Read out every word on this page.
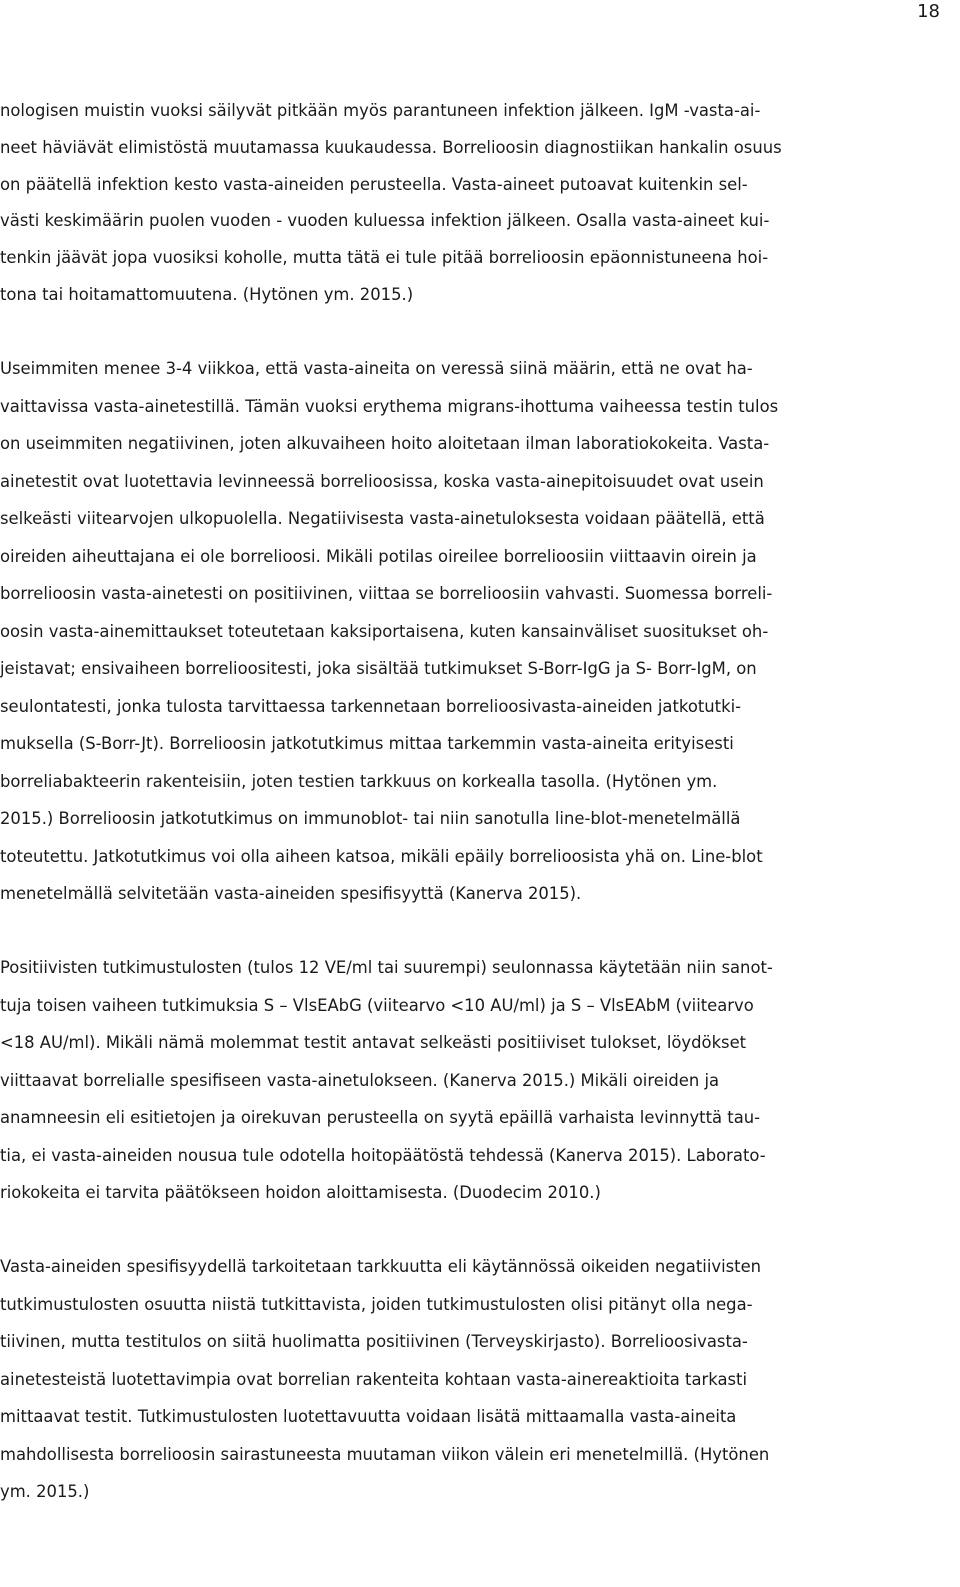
18

nologisen muistin vuoksi säilyvät pitkään myös parantuneen infektion jälkeen. IgM -vasta-ai-
neet häviävät elimistöstä muutamassa kuukaudessa. Borrelioosin diagnostiikan hankalin osuus
on päätellä infektion kesto vasta-aineiden perusteella. Vasta-aineet putoavat kuitenkin sel-
västi keskimäärin puolen vuoden - vuoden kuluessa infektion jälkeen. Osalla vasta-aineet kui-
tenkin jäävät jopa vuosiksi koholle, mutta tätä ei tule pitää borrelioosin epäonnistuneena hoi-
tona tai hoitamattomuutena. (Hytönen ym. 2015.)

Useimmiten menee 3-4 viikkoa, että vasta-aineita on veressä siinä määrin, että ne ovat ha-
vaittavissa vasta-ainetestillä. Tämän vuoksi erythema migrans-ihottuma vaiheessa testin tulos
on useimmiten negatiivinen, joten alkuvaiheen hoito aloitetaan ilman laboratiokokeita. Vasta-
ainetestit ovat luotettavia levinneessä borrelioosissa, koska vasta-ainepitoisuudet ovat usein
selkeästi viitearvojen ulkopuolella. Negatiivisesta vasta-ainetuloksesta voidaan päätellä, että
oireiden aiheuttajana ei ole borrelioosi. Mikäli potilas oireilee borrelioosiin viittaavin oirein ja
borrelioosin vasta-ainetesti on positiivinen, viittaa se borrelioosiin vahvasti. Suomessa borreli-
oosin vasta-ainemittaukset toteutetaan kaksiportaisena, kuten kansainväliset suositukset oh-
jeistavat; ensivaiheen borrelioositesti, joka sisältää tutkimukset S-Borr-IgG ja S- Borr-IgM, on
seulontatesti, jonka tulosta tarvittaessa tarkennetaan borrelioosivasta-aineiden jatkotutki-
muksella (S-Borr-Jt). Borrelioosin jatkotutkimus mittaa tarkemmin vasta-aineita erityisesti
borreliabakteerin rakenteisiin, joten testien tarkkuus on korkealla tasolla. (Hytönen ym.
2015.) Borrelioosin jatkotutkimus on immunoblot- tai niin sanotulla line-blot-menetelmällä
toteutettu. Jatkotutkimus voi olla aiheen katsoa, mikäli epäily borrelioosista yhä on. Line-blot
menetelmällä selvitetään vasta-aineiden spesifisyyttä (Kanerva 2015).

Positiivisten tutkimustulosten (tulos 12 VE/ml tai suurempi) seulonnassa käytetään niin sanot-
tuja toisen vaiheen tutkimuksia S – VlsEAbG (viitearvo <10 AU/ml) ja S – VlsEAbM (viitearvo
<18 AU/ml). Mikäli nämä molemmat testit antavat selkeästi positiiviset tulokset, löydökset
viittaavat borrelialle spesifiseen vasta-ainetulokseen. (Kanerva 2015.) Mikäli oireiden ja
anamneesin eli esitietojen ja oirekuvan perusteella on syytä epäillä varhaista levinnyttä tau-
tia, ei vasta-aineiden nousua tule odotella hoitopäätöstä tehdessä (Kanerva 2015). Laborato-
riokokeita ei tarvita päätökseen hoidon aloittamisesta. (Duodecim 2010.)

Vasta-aineiden spesifisyydellä tarkoitetaan tarkkuutta eli käytännössä oikeiden negatiivisten
tutkimustulosten osuutta niistä tutkittavista, joiden tutkimustulosten olisi pitänyt olla nega-
tiivinen, mutta testitulos on siitä huolimatta positiivinen (Terveyskirjasto). Borrelioosivasta-
ainetesteistä luotettavimpia ovat borrelian rakenteita kohtaan vasta-ainereaktioita tarkasti
mittaavat testit. Tutkimustulosten luotettavuutta voidaan lisätä mittaamalla vasta-aineita
mahdollisesta borrelioosin sairastuneesta muutaman viikon välein eri menetelmillä. (Hytönen
ym. 2015.)
